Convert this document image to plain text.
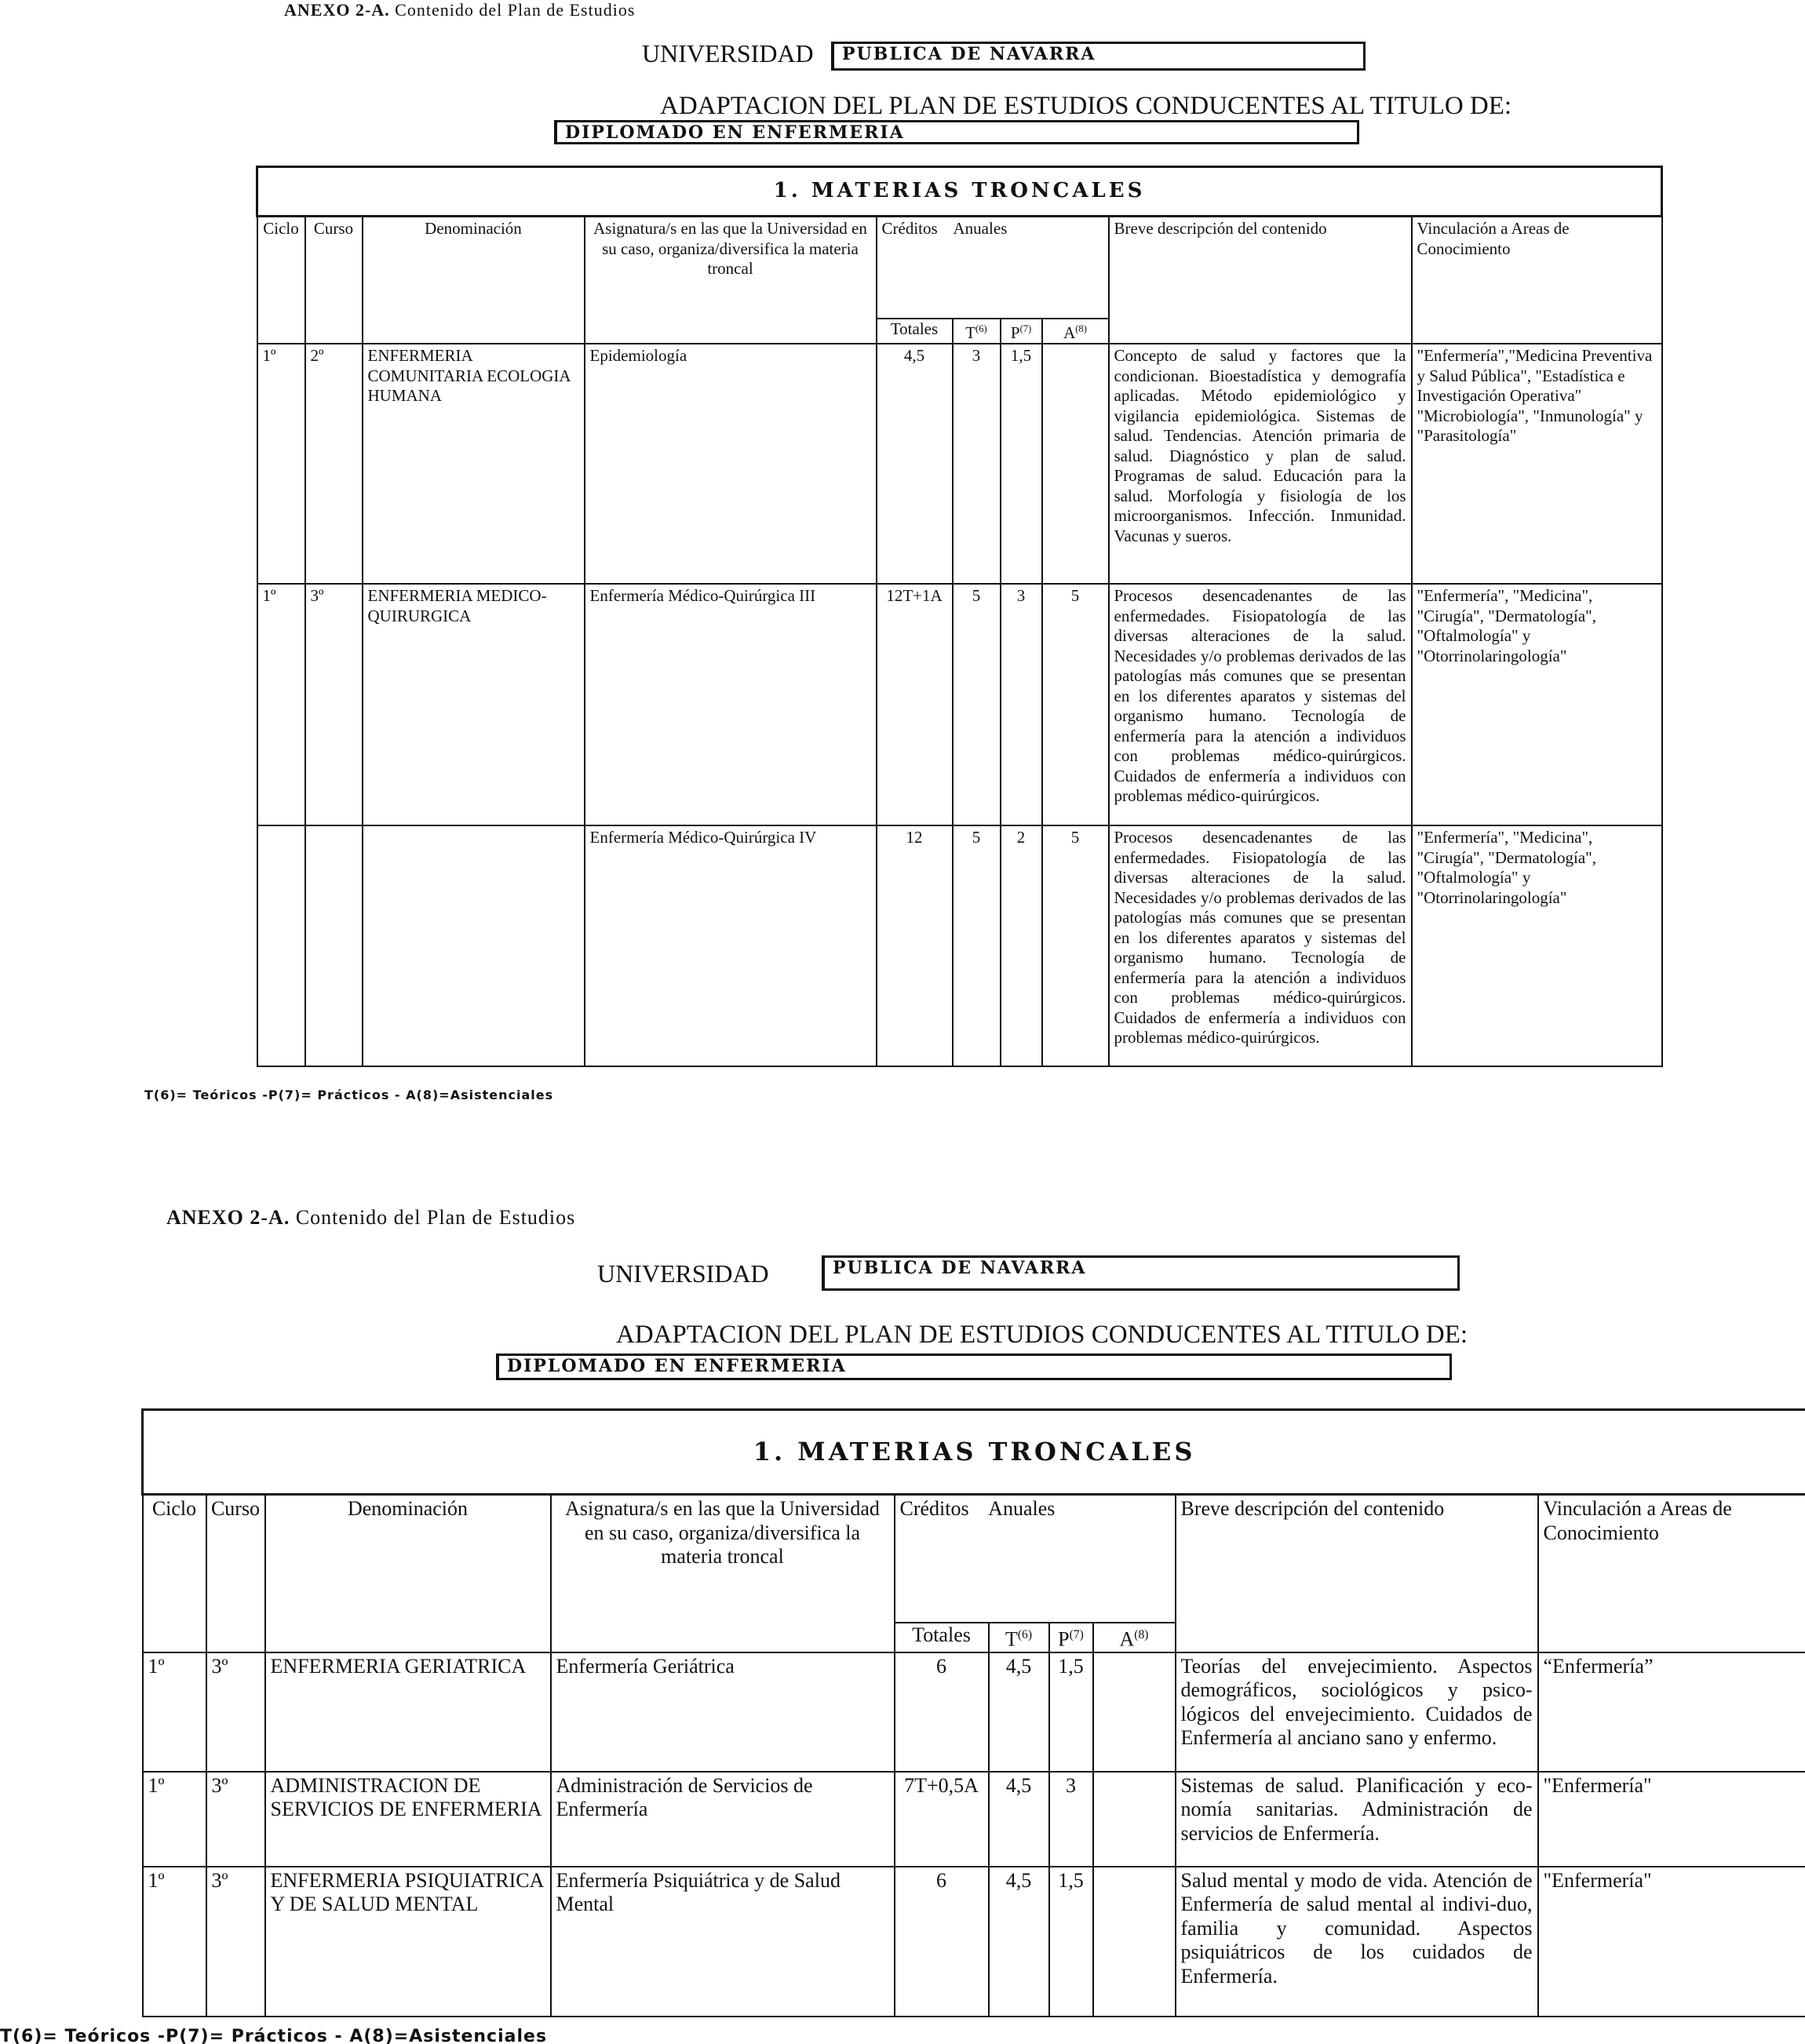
ANEXO 2-A. Contenido del Plan de Estudios
UNIVERSIDAD	PUBLICA DE NAVARRA
ADAPTACION DEL PLAN DE ESTUDIOS CONDUCENTES AL TITULO DE:
DIPLOMADO EN ENFERMERIA
1. MATERIAS TRONCALES									
Ciclo	Curso	Denominación	Asignatura/s en las que la Universidad en su caso, organiza/diversifica la materia troncal	Créditos    Anuales				Breve descripción del contenido	Vinculación a Areas de Conocimiento
				Totales	$T^{(6)}$	$P^{(7)}$	$A^{(8)}$
1º	2º	ENFERMERIA COMUNITARIA ECOLOGIA HUMANA	Epidemiología	4,5	3	1,5		Concepto de salud y factores que la condicionan. Bioestadística y demografía aplicadas. Método epidemiológico y vigilancia epidemiológica. Sistemas de salud. Tendencias. Atención primaria de salud. Diagnóstico y plan de salud. Programas de salud. Educación para la salud. Morfología y fisiología de los microorganismos. Infección. Inmunidad. Vacunas y sueros.	"Enfermería","Medicina Preventiva y Salud Pública", "Estadística e Investigación Operativa" "Microbiología", "Inmunología" y "Parasitología"
1º	3º	ENFERMERIA MEDICO-QUIRURGICA	Enfermería Médico-Quirúrgica III	12T+1A	5	3	5	Procesos desencadenantes de las enfermedades. Fisiopatología de las diversas alteraciones de la salud. Necesidades y/o problemas derivados de las patologías más comunes que se presentan en los diferentes aparatos y sistemas del organismo humano. Tecnología de enfermería para la atención a individuos con problemas médico-quirúrgicos. Cuidados de enfermería a individuos con problemas médico-quirúrgicos.	"Enfermería", "Medicina", "Cirugía", "Dermatología", "Oftalmología" y "Otorrinolaringología"
			Enfermería Médico-Quirúrgica IV	12	5	2	5	Procesos desencadenantes de las enfermedades. Fisiopatología de las diversas alteraciones de la salud. Necesidades y/o problemas derivados de las patologías más comunes que se presentan en los diferentes aparatos y sistemas del organismo humano. Tecnología de enfermería para la atención a individuos con problemas médico-quirúrgicos. Cuidados de enfermería a individuos con problemas médico-quirúrgicos.	"Enfermería", "Medicina", "Cirugía", "Dermatología", "Oftalmología" y "Otorrinolaringología"
T(6)= Teóricos -P(7)= Prácticos - A(8)=Asistenciales
ANEXO 2-A. Contenido del Plan de Estudios
UNIVERSIDAD	PUBLICA DE NAVARRA
ADAPTACION DEL PLAN DE ESTUDIOS CONDUCENTES AL TITULO DE:
DIPLOMADO EN ENFERMERIA
1. MATERIAS TRONCALES									
Ciclo	Curso	Denominación	Asignatura/s en las que la Universidad en su caso, organiza/diversifica la materia troncal	Créditos    Anuales				Breve descripción del contenido	Vinculación a Areas de Conocimiento
				Totales	$T^{(6)}$	$P^{(7)}$	$A^{(8)}$
1º	3º	ENFERMERIA GERIATRICA	Enfermería Geriátrica	6	4,5	1,5		Teorías del envejecimiento. Aspectos demográficos, sociológicos y psico-lógicos del envejecimiento. Cuidados de Enfermería al anciano sano y enfermo.	“Enfermería”
1º	3º	ADMINISTRACION DE SERVICIOS DE ENFERMERIA	Administración de Servicios de Enfermería	7T+0,5A	4,5	3		Sistemas de salud. Planificación y eco-nomía sanitarias. Administración de servicios de Enfermería.	"Enfermería"
1º	3º	ENFERMERIA PSIQUIATRICA Y DE SALUD MENTAL	Enfermería Psiquiátrica y de Salud Mental	6	4,5	1,5		Salud mental y modo de vida. Atención de Enfermería de salud mental al indivi-duo, familia y comunidad. Aspectos psiquiátricos de los cuidados de Enfermería.	"Enfermería"
T(6)= Teóricos -P(7)= Prácticos - A(8)=Asistenciales
